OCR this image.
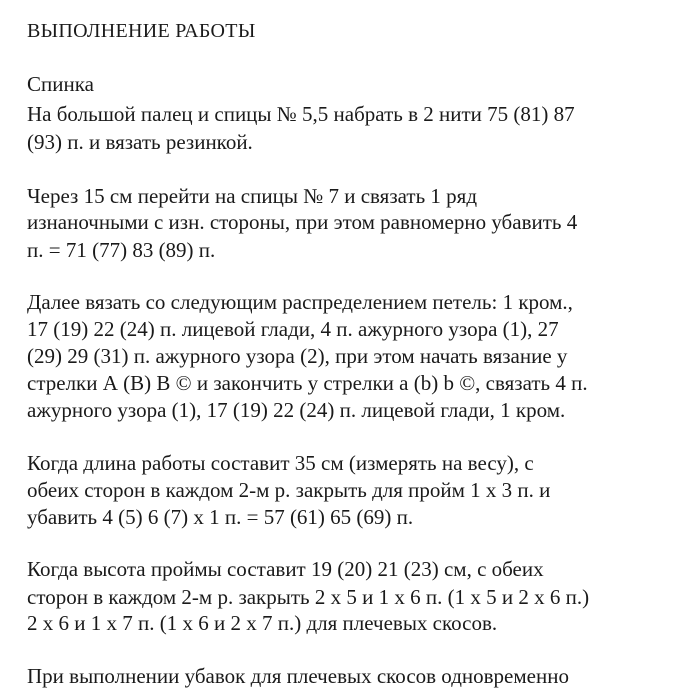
ВЫПОЛНЕНИЕ РАБОТЫ
Спинка
На большой палец и спицы № 5,5 набрать в 2 нити 75 (81) 87
(93) п. и вязать резинкой.
Через 15 см перейти на спицы № 7 и связать 1 ряд
изнаночными с изн. стороны, при этом равномерно убавить 4
п. = 71 (77) 83 (89) п.
Далее вязать со следующим распределением петель: 1 кром.,
17 (19) 22 (24) п. лицевой глади, 4 п. ажурного узора (1), 27
(29) 29 (31) п. ажурного узора (2), при этом начать вязание у
стрелки А (В) В © и закончить у стрелки а (b) b ©, связать 4 п.
ажурного узора (1), 17 (19) 22 (24) п. лицевой глади, 1 кром.
Когда длина работы составит 35 см (измерять на весу), с
обеих сторон в каждом 2-м р. закрыть для пройм 1 х 3 п. и
убавить 4 (5) 6 (7) х 1 п. = 57 (61) 65 (69) п.
Когда высота проймы составит 19 (20) 21 (23) см, с обеих
сторон в каждом 2-м р. закрыть 2 х 5 и 1 х 6 п. (1 х 5 и 2 х 6 п.)
2 х 6 и 1 х 7 п. (1 х 6 и 2 х 7 п.) для плечевых скосов.
При выполнении убавок для плечевых скосов одновременно
